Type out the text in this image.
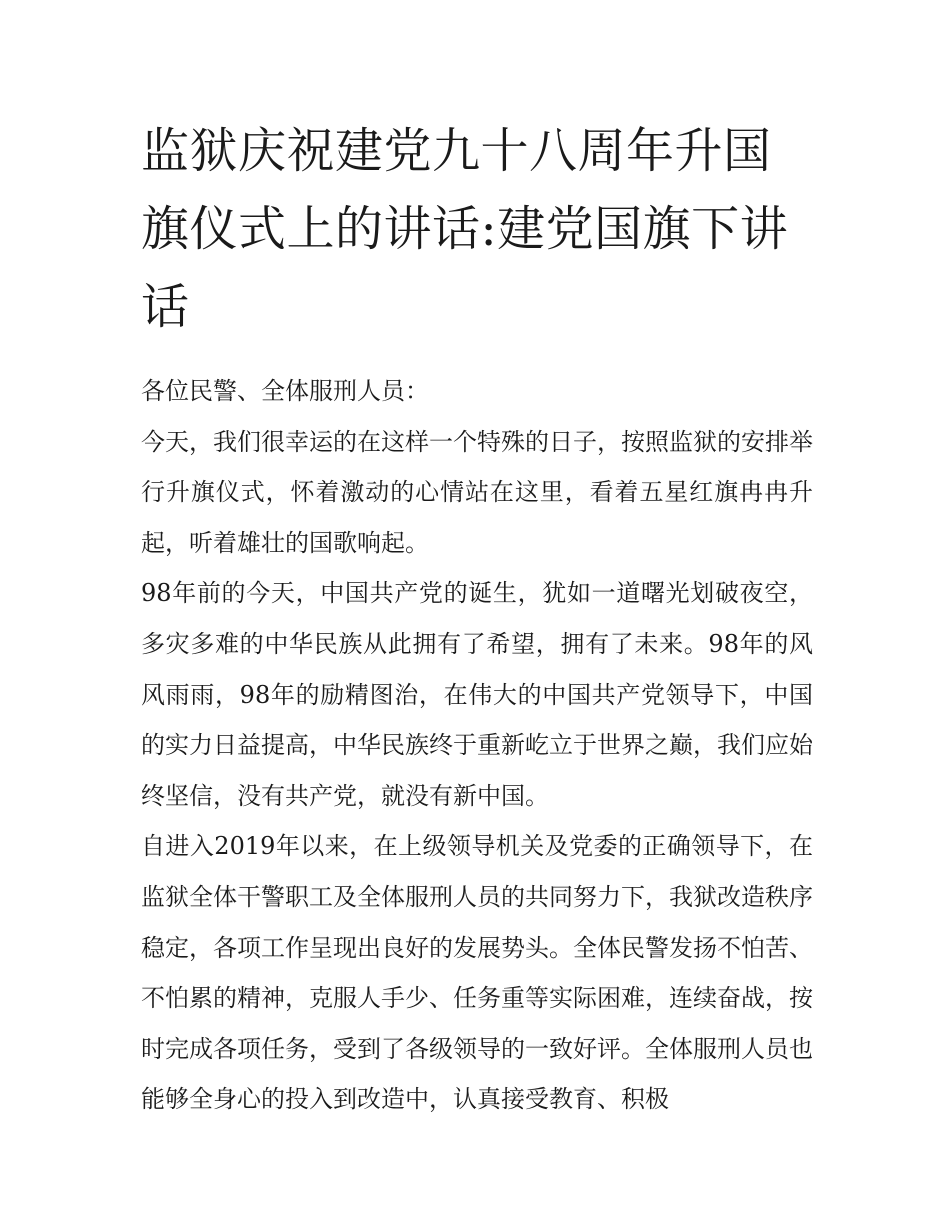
监狱庆祝建党九十八周年升国旗仪式上的讲话:建党国旗下讲话

各位民警、全体服刑人员：

今天，我们很幸运的在这样一个特殊的日子，按照监狱的安排举行升旗仪式，怀着激动的心情站在这里，看着五星红旗冉冉升起，听着雄壮的国歌响起。

98年前的今天，中国共产党的诞生，犹如一道曙光划破夜空，多灾多难的中华民族从此拥有了希望，拥有了未来。98年的风风雨雨，98年的励精图治，在伟大的中国共产党领导下，中国的实力日益提高，中华民族终于重新屹立于世界之巅，我们应始终坚信，没有共产党，就没有新中国。

自进入2019年以来，在上级领导机关及党委的正确领导下，在监狱全体干警职工及全体服刑人员的共同努力下，我狱改造秩序稳定，各项工作呈现出良好的发展势头。全体民警发扬不怕苦、不怕累的精神，克服人手少、任务重等实际困难，连续奋战，按时完成各项任务，受到了各级领导的一致好评。全体服刑人员也能够全身心的投入到改造中，认真接受教育、积极
